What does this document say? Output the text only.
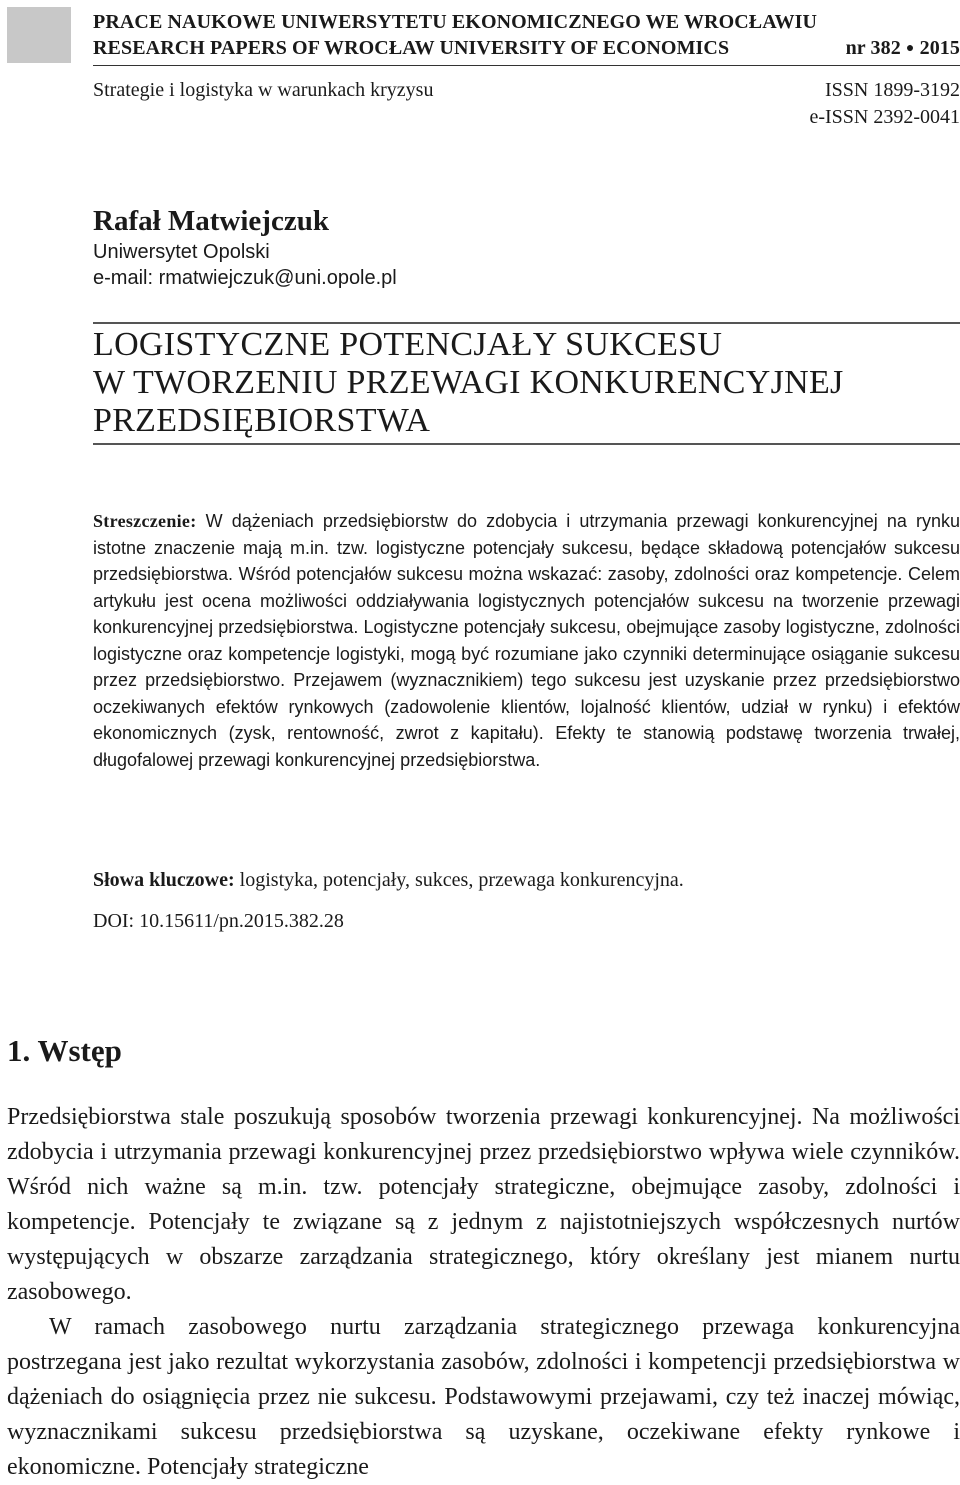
PRACE NAUKOWE UNIWERSYTETU EKONOMICZNEGO WE WROCŁAWIU
RESEARCH PAPERS OF WROCŁAW UNIVERSITY OF ECONOMICS	nr 382 ● 2015
Strategie i logistyka w warunkach kryzysu	ISSN 1899-3192
e-ISSN 2392-0041
Rafał Matwiejczuk
Uniwersytet Opolski
e-mail: rmatwiejczuk@uni.opole.pl
LOGISTYCZNE POTENCJAŁY SUKCESU
W TWORZENIU PRZEWAGI KONKURENCYJNEJ
PRZEDSIĘBIORSTWA
Streszczenie: W dążeniach przedsiębiorstw do zdobycia i utrzymania przewagi konkurencyjnej na rynku istotne znaczenie mają m.in. tzw. logistyczne potencjały sukcesu, będące składową potencjałów sukcesu przedsiębiorstwa. Wśród potencjałów sukcesu można wskazać: zasoby, zdolności oraz kompetencje. Celem artykułu jest ocena możliwości oddziaływania logistycznych potencjałów sukcesu na tworzenie przewagi konkurencyjnej przedsiębiorstwa. Logistyczne potencjały sukcesu, obejmujące zasoby logistyczne, zdolności logistyczne oraz kompetencje logistyki, mogą być rozumiane jako czynniki determinujące osiąganie sukcesu przez przedsiębiorstwo. Przejawem (wyznacznikiem) tego sukcesu jest uzyskanie przez przedsiębiorstwo oczekiwanych efektów rynkowych (zadowolenie klientów, lojalność klientów, udział w rynku) i efektów ekonomicznych (zysk, rentowność, zwrot z kapitału). Efekty te stanowią podstawę tworzenia trwałej, długofalowej przewagi konkurencyjnej przedsiębiorstwa.
Słowa kluczowe: logistyka, potencjały, sukces, przewaga konkurencyjna.
DOI: 10.15611/pn.2015.382.28
1. Wstęp

Przedsiębiorstwa stale poszukują sposobów tworzenia przewagi konkurencyjnej. Na możliwości zdobycia i utrzymania przewagi konkurencyjnej przez przedsiębiorstwo wpływa wiele czynników. Wśród nich ważne są m.in. tzw. potencjały strategiczne, obejmujące zasoby, zdolności i kompetencje. Potencjały te związane są z jednym z najistotniejszych współczesnych nurtów występujących w obszarze zarządzania strategicznego, który określany jest mianem nurtu zasobowego.

W ramach zasobowego nurtu zarządzania strategicznego przewaga konkurencyjna postrzegana jest jako rezultat wykorzystania zasobów, zdolności i kompetencji przedsiębiorstwa w dążeniach do osiągnięcia przez nie sukcesu. Podstawowymi przejawami, czy też inaczej mówiąc, wyznacznikami sukcesu przedsiębiorstwa są uzyskane, oczekiwane efekty rynkowe i ekonomiczne. Potencjały strategiczne
